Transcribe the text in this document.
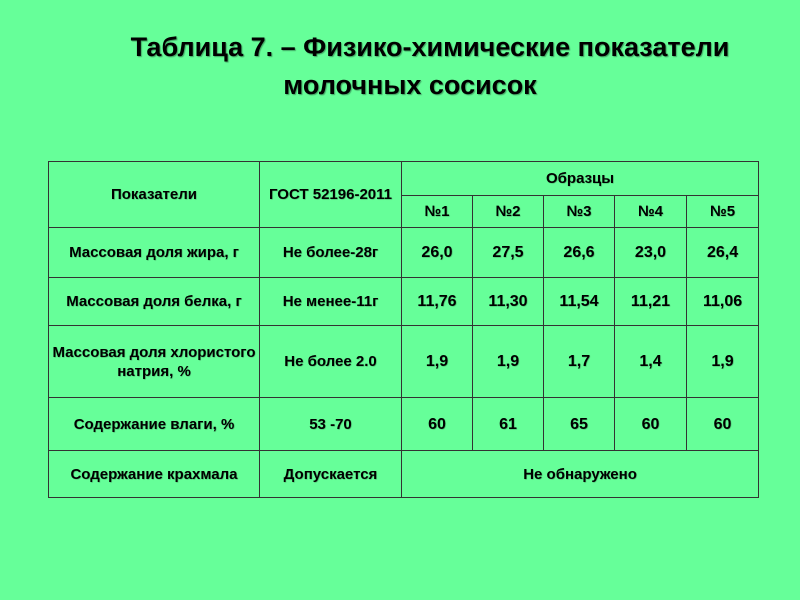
Таблица 7. – Физико-химические показатели
молочных сосисок
Показатели	ГОСТ 52196-2011	Образцы				
		№1	№2	№3	№4	№5
Массовая доля жира, г	Не более-28г	26,0	27,5	26,6	23,0	26,4
Массовая доля белка, г	Не менее-11г	11,76	11,30	11,54	11,21	11,06
Массовая доля хлористого натрия, %	Не более 2.0	1,9	1,9	1,7	1,4	1,9
Содержание влаги, %	53 -70	60	61	65	60	60
Содержание крахмала	Допускается	Не обнаружено				
